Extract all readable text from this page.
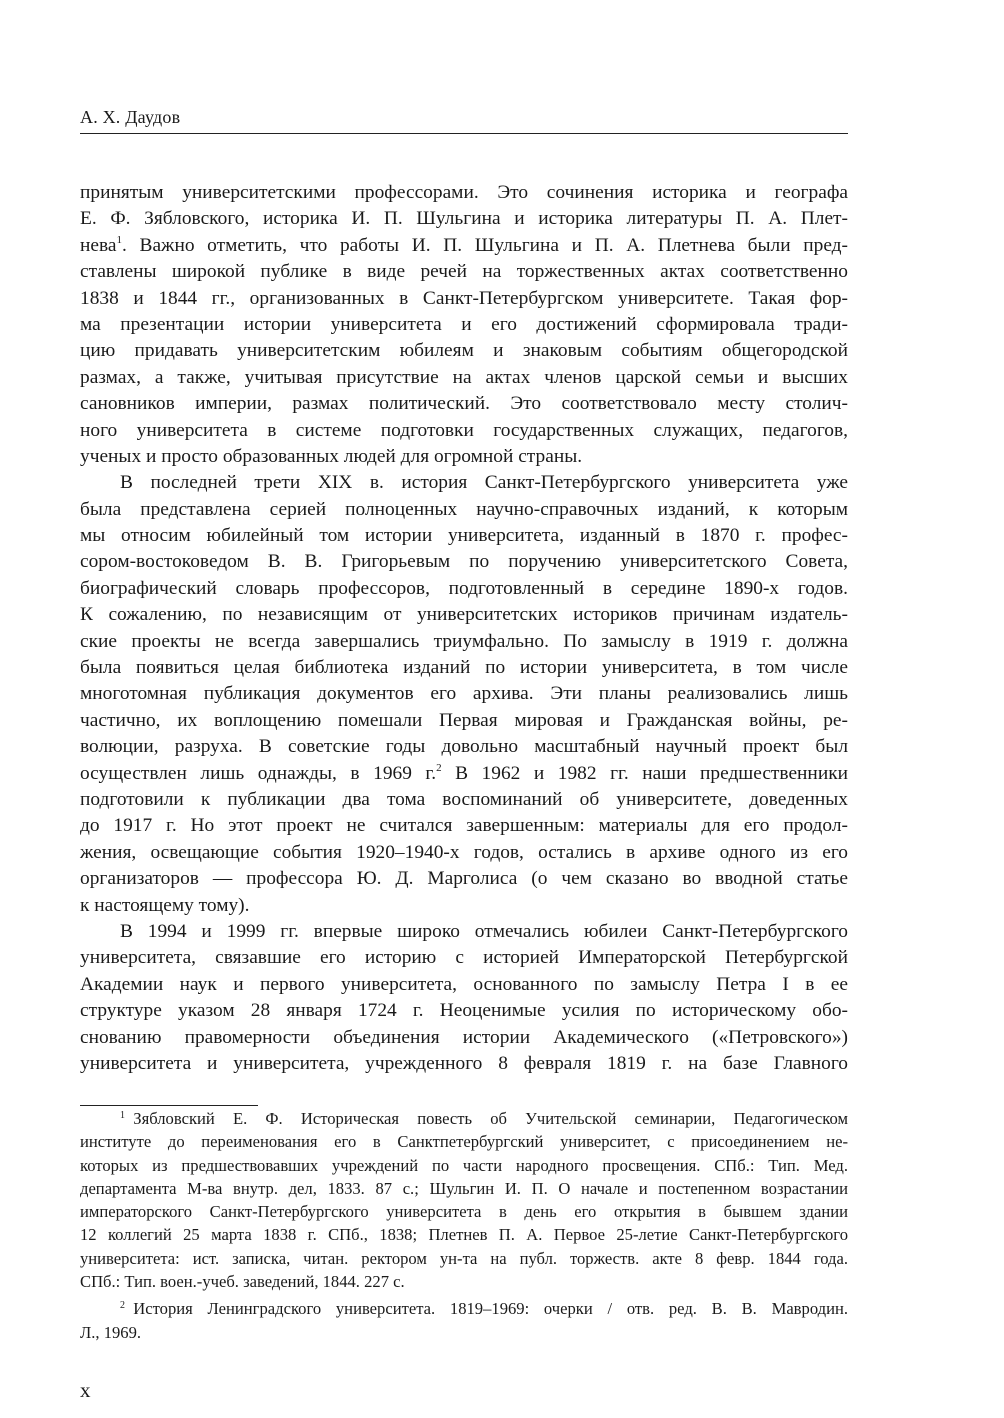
А. Х. Даудов
принятым университетскими профессорами. Это сочинения историка и географа
Е. Ф. Зябловского, историка И. П. Шульгина и историка литературы П. А. Плет-
нева$^1$. Важно отметить, что работы И. П. Шульгина и П. А. Плетнева были пред-
ставлены широкой публике в виде речей на торжественных актах соответственно
1838 и 1844 гг., организованных в Санкт-Петербургском университете. Такая фор-
ма презентации истории университета и его достижений сформировала тради-
цию придавать университетским юбилеям и знаковым событиям общегородской
размах, а также, учитывая присутствие на актах членов царской семьи и высших
сановников империи, размах политический. Это соответствовало месту столич-
ного университета в системе подготовки государственных служащих, педагогов,
ученых и просто образованных людей для огромной страны.
В последней трети XIX в. история Санкт-Петербургского университета уже
была представлена серией полноценных научно-справочных изданий, к которым
мы относим юбилейный том истории университета, изданный в 1870 г. профес-
сором-востоковедом В. В. Григорьевым по поручению университетского Совета,
биографический словарь профессоров, подготовленный в середине 1890-х годов.
К сожалению, по независящим от университетских историков причинам издатель-
ские проекты не всегда завершались триумфально. По замыслу в 1919 г. должна
была появиться целая библиотека изданий по истории университета, в том числе
многотомная публикация документов его архива. Эти планы реализовались лишь
частично, их воплощению помешали Первая мировая и Гражданская войны, ре-
волюции, разруха. В советские годы довольно масштабный научный проект был
осуществлен лишь однажды, в 1969 г.$^2$ В 1962 и 1982 гг. наши предшественники
подготовили к публикации два тома воспоминаний об университете, доведенных
до 1917 г. Но этот проект не считался завершенным: материалы для его продол-
жения, освещающие события 1920–1940-х годов, остались в архиве одного из его
организаторов — профессора Ю. Д. Марголиса (о чем сказано во вводной статье
к настоящему тому).
В 1994 и 1999 гг. впервые широко отмечались юбилеи Санкт-Петербургского
университета, связавшие его историю с историей Императорской Петербургской
Академии наук и первого университета, основанного по замыслу Петра I в ее
структуре указом 28 января 1724 г. Неоценимые усилия по историческому обо-
снованию правомерности объединения истории Академического («Петровского»)
университета и университета, учрежденного 8 февраля 1819 г. на базе Главного
$^1$  Зябловский Е. Ф. Историческая повесть об Учительской семинарии, Педагогическом
институте до переименования его в Санктпетербургский университет, с присоединением не-
которых из предшествовавших учреждений по части народного просвещения. СПб.: Тип. Мед.
департамента М-ва внутр. дел, 1833. 87 с.; Шульгин И. П. О начале и постепенном возрастании
императорского Санкт-Петербургского университета в день его открытия в бывшем здании
12 коллегий 25 марта 1838 г. СПб., 1838; Плетнев П. А. Первое 25-летие Санкт-Петербургского
университета: ист. записка, читан. ректором ун-та на публ. торжеств. акте 8 февр. 1844 года.
СПб.: Тип. воен.-учеб. заведений, 1844. 227 с.
$^2$  История Ленинградского университета. 1819–1969: очерки / отв. ред. В. В. Мавродин.
Л., 1969.
x
